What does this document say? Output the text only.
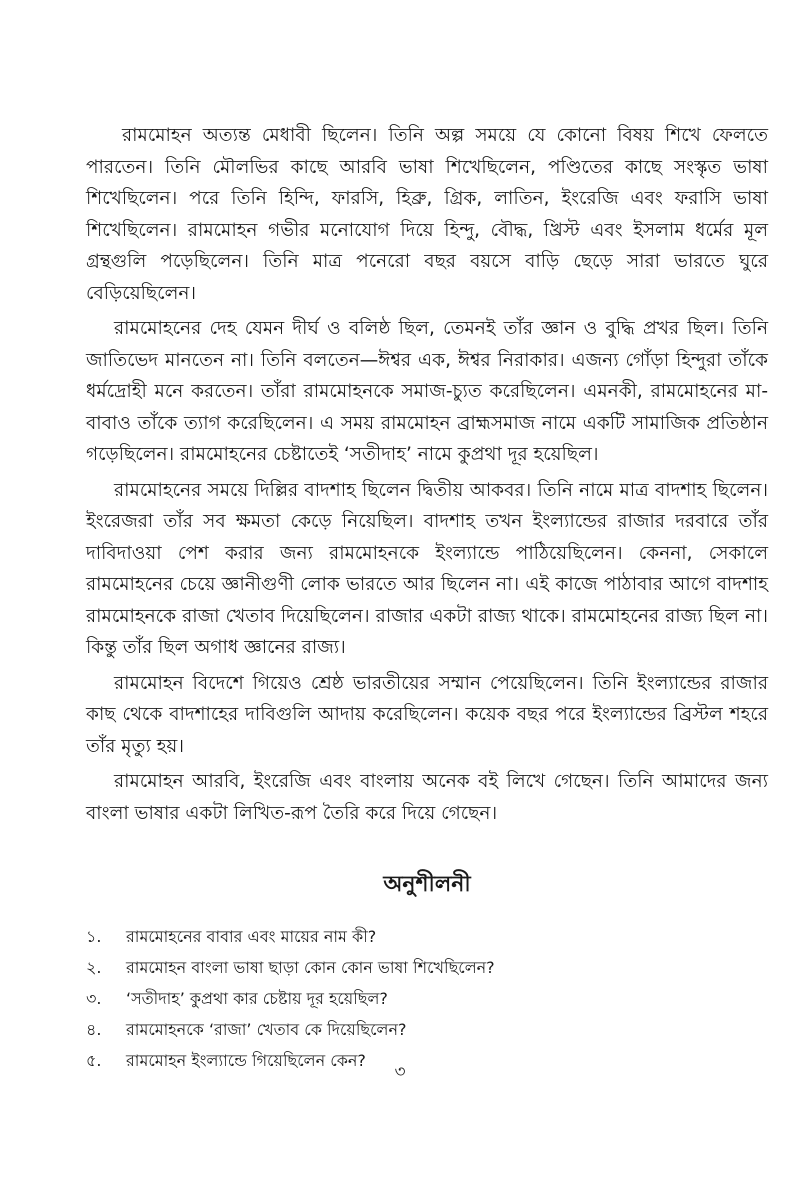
রামমোহন অত্যন্ত মেধাবী ছিলেন। তিনি অল্প সময়ে যে কোনো বিষয় শিখে ফেলতে পারতেন। তিনি মৌলভির কাছে আরবি ভাষা শিখেছিলেন, পণ্ডিতের কাছে সংস্কৃত ভাষা শিখেছিলেন। পরে তিনি হিন্দি, ফারসি, হিব্রু, গ্রিক, লাতিন, ইংরেজি এবং ফরাসি ভাষা শিখেছিলেন। রামমোহন গভীর মনোযোগ দিয়ে হিন্দু, বৌদ্ধ, খ্রিস্ট এবং ইসলাম ধর্মের মূল গ্রন্থগুলি পড়েছিলেন। তিনি মাত্র পনেরো বছর বয়সে বাড়ি ছেড়ে সারা ভারতে ঘুরে বেড়িয়েছিলেন।

রামমোহনের দেহ যেমন দীর্ঘ ও বলিষ্ঠ ছিল, তেমনই তাঁর জ্ঞান ও বুদ্ধি প্রখর ছিল। তিনি জাতিভেদ মানতেন না। তিনি বলতেন—ঈশ্বর এক, ঈশ্বর নিরাকার। এজন্য গোঁড়া হিন্দুরা তাঁকে ধর্মদ্রোহী মনে করতেন। তাঁরা রামমোহনকে সমাজ-চ্যুত করেছিলেন। এমনকী, রামমোহনের মা-বাবাও তাঁকে ত্যাগ করেছিলেন। এ সময় রামমোহন ব্রাহ্মসমাজ নামে একটি সামাজিক প্রতিষ্ঠান গড়েছিলেন। রামমোহনের চেষ্টাতেই ‘সতীদাহ’ নামে কুপ্রথা দূর হয়েছিল।

রামমোহনের সময়ে দিল্লির বাদশাহ ছিলেন দ্বিতীয় আকবর। তিনি নামে মাত্র বাদশাহ ছিলেন। ইংরেজরা তাঁর সব ক্ষমতা কেড়ে নিয়েছিল। বাদশাহ তখন ইংল্যান্ডের রাজার দরবারে তাঁর দাবিদাওয়া পেশ করার জন্য রামমোহনকে ইংল্যান্ডে পাঠিয়েছিলেন। কেননা, সেকালে রামমোহনের চেয়ে জ্ঞানীগুণী লোক ভারতে আর ছিলেন না। এই কাজে পাঠাবার আগে বাদশাহ রামমোহনকে রাজা খেতাব দিয়েছিলেন। রাজার একটা রাজ্য থাকে। রামমোহনের রাজ্য ছিল না। কিন্তু তাঁর ছিল অগাধ জ্ঞানের রাজ্য।

রামমোহন বিদেশে গিয়েও শ্রেষ্ঠ ভারতীয়ের সম্মান পেয়েছিলেন। তিনি ইংল্যান্ডের রাজার কাছ থেকে বাদশাহের দাবিগুলি আদায় করেছিলেন। কয়েক বছর পরে ইংল্যান্ডের ব্রিস্টল শহরে তাঁর মৃত্যু হয়।

রামমোহন আরবি, ইংরেজি এবং বাংলায় অনেক বই লিখে গেছেন। তিনি আমাদের জন্য বাংলা ভাষার একটা লিখিত-রূপ তৈরি করে দিয়ে গেছেন।

অনুশীলনী
১.	রামমোহনের বাবার এবং মায়ের নাম কী?
২.	রামমোহন বাংলা ভাষা ছাড়া কোন কোন ভাষা শিখেছিলেন?
৩.	‘সতীদাহ’ কুপ্রথা কার চেষ্টায় দূর হয়েছিল?
৪.	রামমোহনকে ‘রাজা’ খেতাব কে দিয়েছিলেন?
৫.	রামমোহন ইংল্যান্ডে গিয়েছিলেন কেন?
৩
